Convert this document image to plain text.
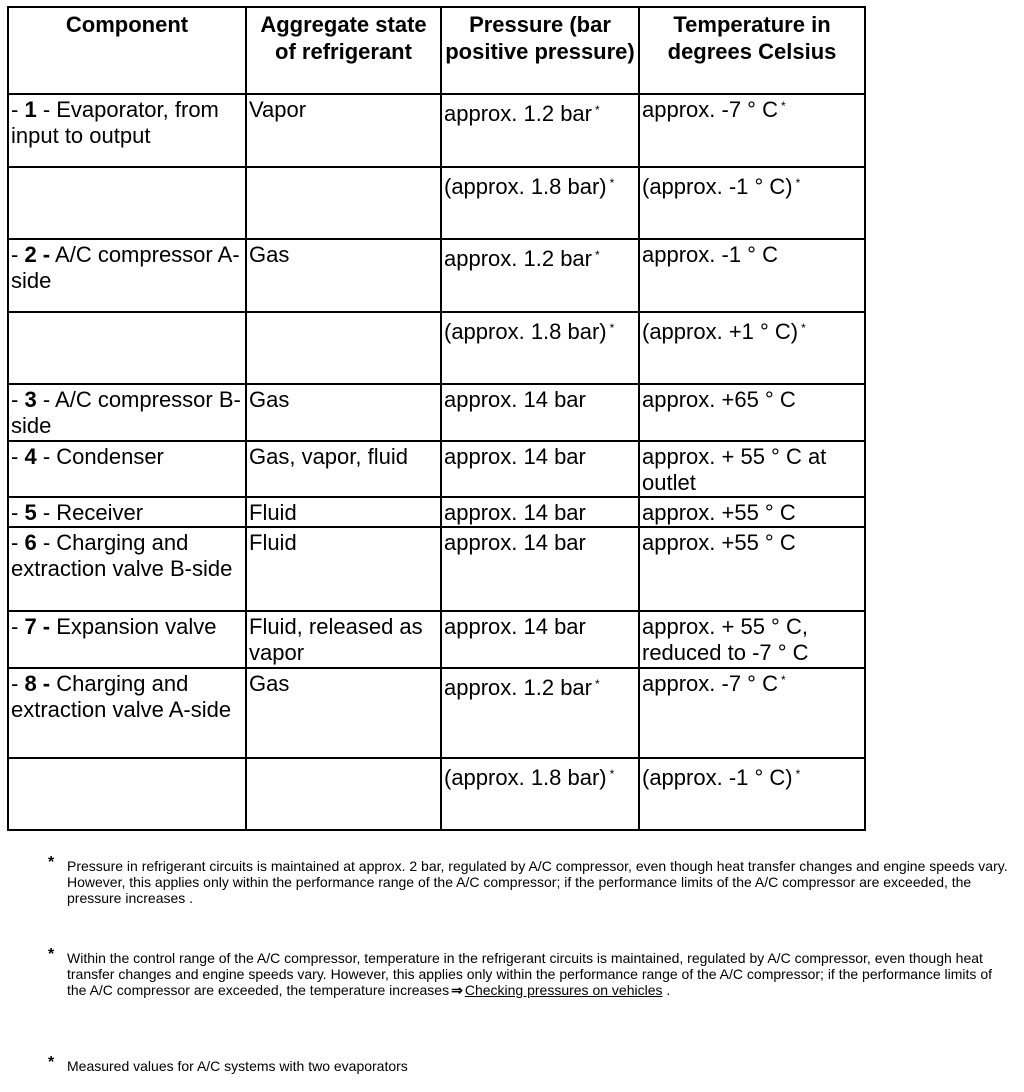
Component	Aggregate state of refrigerant	Pressure (bar positive pressure)	Temperature in degrees Celsius
- 1 - Evaporator, from input to output	Vapor	approx. 1.2 bar *	approx. -7 ° C *
		(approx. 1.8 bar) *	(approx. -1 ° C) *
- 2 - A/C compressor A-side	Gas	approx. 1.2 bar *	approx. -1 ° C
		(approx. 1.8 bar) *	(approx. +1 ° C) *
- 3 - A/C compressor B-side	Gas	approx. 14 bar	approx. +65 ° C
- 4 - Condenser	Gas, vapor, fluid	approx. 14 bar	approx. + 55 ° C at outlet
- 5 - Receiver	Fluid	approx. 14 bar	approx. +55 ° C
- 6 - Charging and extraction valve B-side	Fluid	approx. 14 bar	approx. +55 ° C
- 7 - Expansion valve	Fluid, released as vapor	approx. 14 bar	approx. + 55 ° C, reduced to -7 ° C
- 8 - Charging and extraction valve A-side	Gas	approx. 1.2 bar *	approx. -7 ° C *
		(approx. 1.8 bar) *	(approx. -1 ° C) *
* Pressure in refrigerant circuits is maintained at approx. 2 bar, regulated by A/C compressor, even though heat transfer changes and engine speeds vary. However, this applies only within the performance range of the A/C compressor; if the performance limits of the A/C compressor are exceeded, the pressure increases .
* Within the control range of the A/C compressor, temperature in the refrigerant circuits is maintained, regulated by A/C compressor, even though heat transfer changes and engine speeds vary. However, this applies only within the performance range of the A/C compressor; if the performance limits of the A/C compressor are exceeded, the temperature increases ⇒ Checking pressures on vehicles .
* Measured values for A/C systems with two evaporators
